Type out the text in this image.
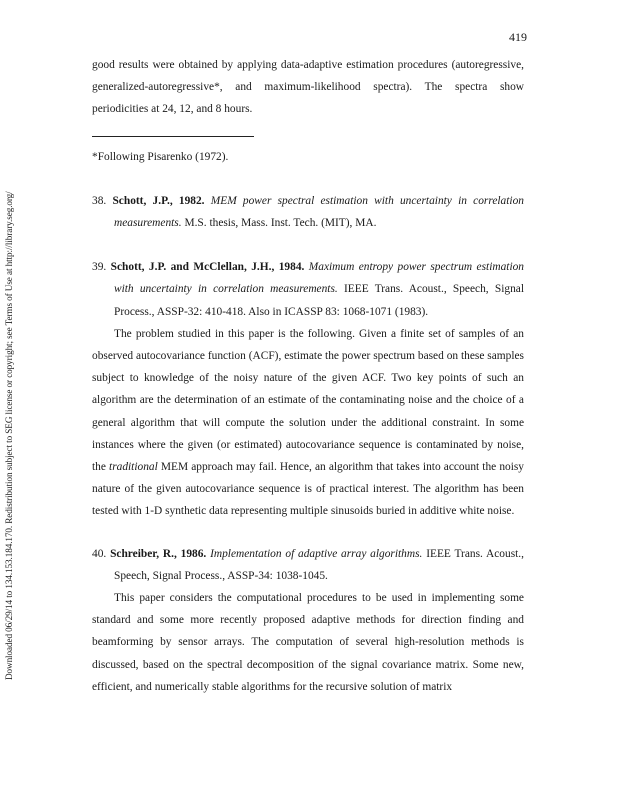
419
Downloaded 06/29/14 to 134.153.184.170. Redistribution subject to SEG license or copyright; see Terms of Use at http://library.seg.org/

good results were obtained by applying data-adaptive estimation procedures (autoregressive, generalized-autoregressive*, and maximum-likelihood spectra). The spectra show periodicities at 24, 12, and 8 hours.

*Following Pisarenko (1972).

38. Schott, J.P., 1982. MEM power spectral estimation with uncertainty in correlation measurements. M.S. thesis, Mass. Inst. Tech. (MIT), MA.

39. Schott, J.P. and McClellan, J.H., 1984. Maximum entropy power spectrum estimation with uncertainty in correlation measurements. IEEE Trans. Acoust., Speech, Signal Process., ASSP-32: 410-418. Also in ICASSP 83: 1068-1071 (1983).

The problem studied in this paper is the following. Given a finite set of samples of an observed autocovariance function (ACF), estimate the power spectrum based on these samples subject to knowledge of the noisy nature of the given ACF. Two key points of such an algorithm are the determination of an estimate of the contaminating noise and the choice of a general algorithm that will compute the solution under the additional constraint. In some instances where the given (or estimated) autocovariance sequence is contaminated by noise, the traditional MEM approach may fail. Hence, an algorithm that takes into account the noisy nature of the given autocovariance sequence is of practical interest. The algorithm has been tested with 1-D synthetic data representing multiple sinusoids buried in additive white noise.

40. Schreiber, R., 1986. Implementation of adaptive array algorithms. IEEE Trans. Acoust., Speech, Signal Process., ASSP-34: 1038-1045.

This paper considers the computational procedures to be used in implementing some standard and some more recently proposed adaptive methods for direction finding and beamforming by sensor arrays. The computation of several high-resolution methods is discussed, based on the spectral decomposition of the signal covariance matrix. Some new, efficient, and numerically stable algorithms for the recursive solution of matrix
